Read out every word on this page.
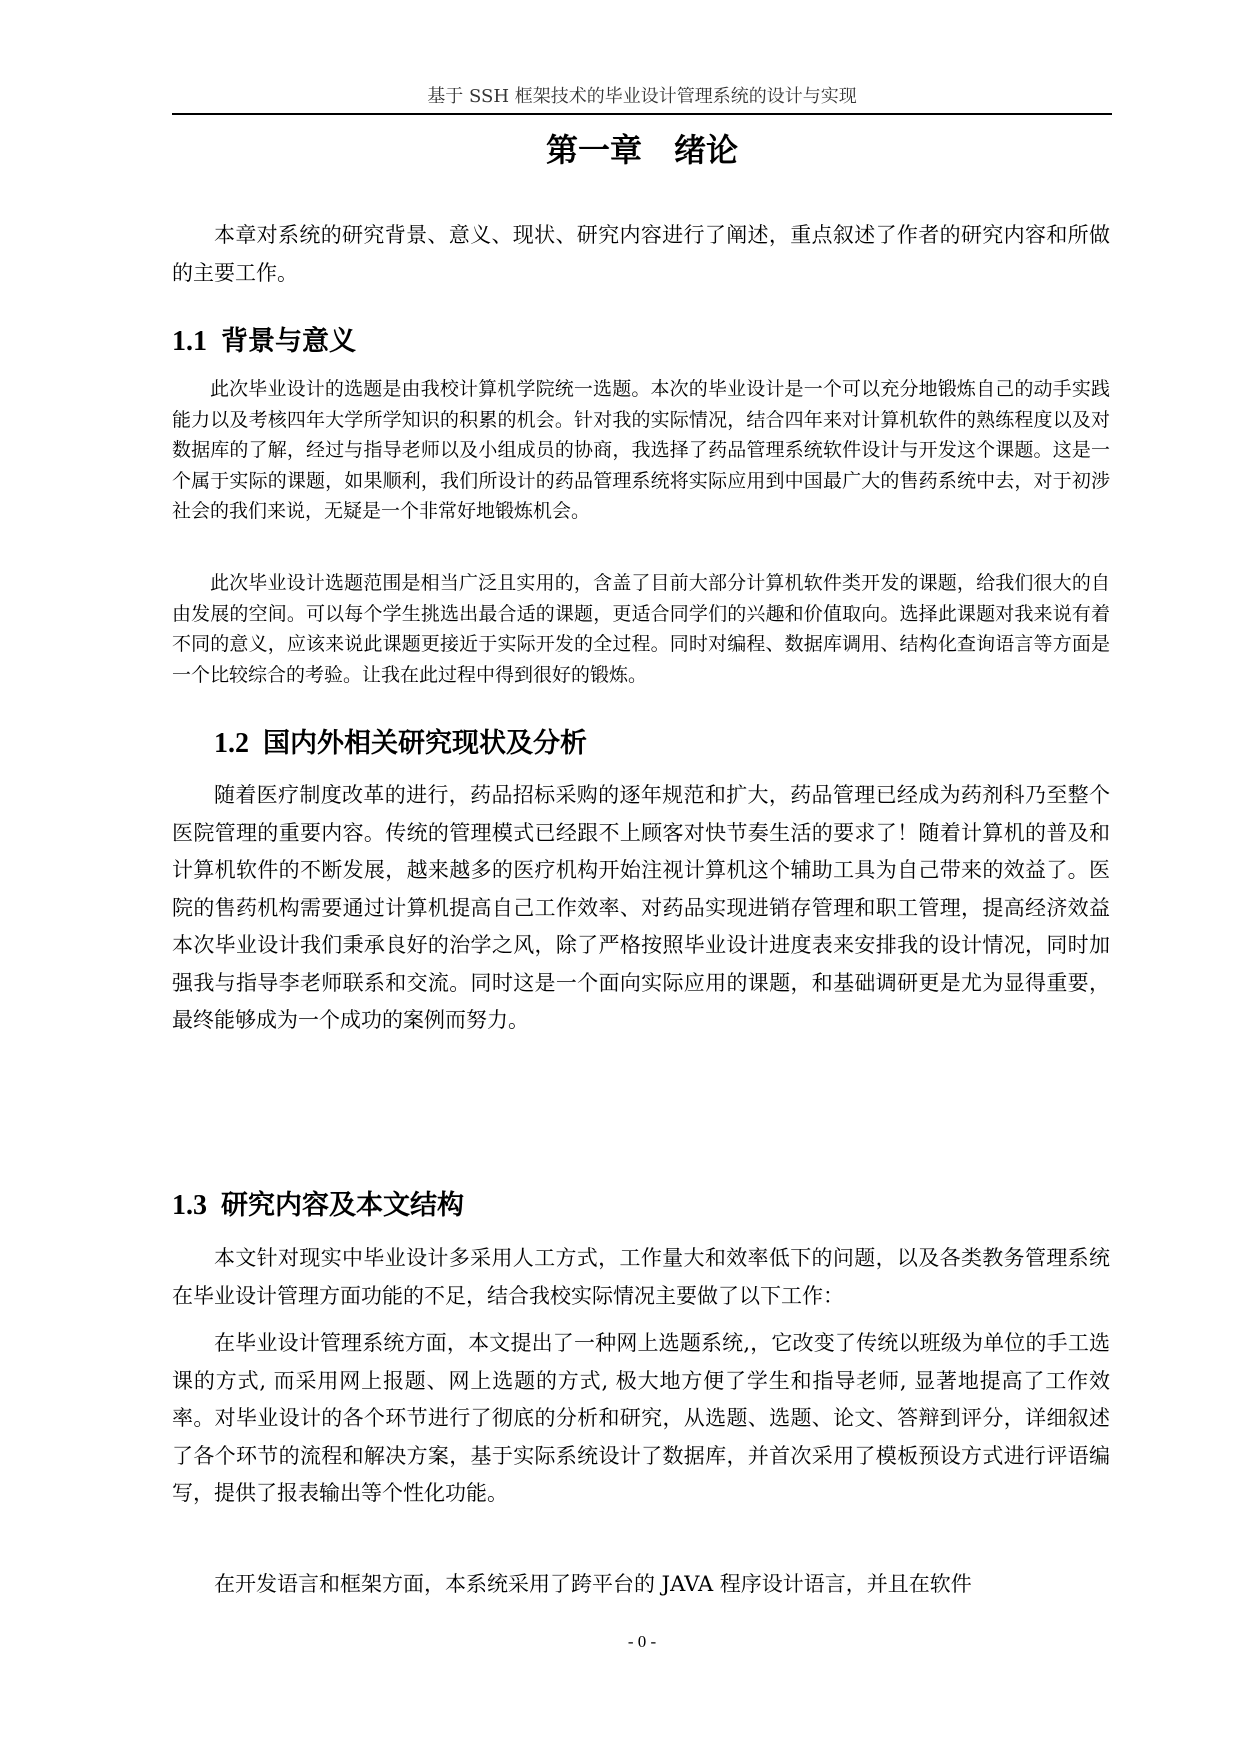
基于 SSH 框架技术的毕业设计管理系统的设计与实现
第一章　绪论

本章对系统的研究背景、意义、现状、研究内容进行了阐述，重点叙述了作者的研究内容和所做的主要工作。

1.1 背景与意义

此次毕业设计的选题是由我校计算机学院统一选题。本次的毕业设计是一个可以充分地锻炼自己的动手实践能力以及考核四年大学所学知识的积累的机会。针对我的实际情况，结合四年来对计算机软件的熟练程度以及对数据库的了解，经过与指导老师以及小组成员的协商，我选择了药品管理系统软件设计与开发这个课题。这是一个属于实际的课题，如果顺利，我们所设计的药品管理系统将实际应用到中国最广大的售药系统中去，对于初涉社会的我们来说，无疑是一个非常好地锻炼机会。

此次毕业设计选题范围是相当广泛且实用的，含盖了目前大部分计算机软件类开发的课题，给我们很大的自由发展的空间。可以每个学生挑选出最合适的课题，更适合同学们的兴趣和价值取向。选择此课题对我来说有着不同的意义，应该来说此课题更接近于实际开发的全过程。同时对编程、数据库调用、结构化查询语言等方面是一个比较综合的考验。让我在此过程中得到很好的锻炼。

1.2 国内外相关研究现状及分析

随着医疗制度改革的进行，药品招标采购的逐年规范和扩大，药品管理已经成为药剂科乃至整个医院管理的重要内容。传统的管理模式已经跟不上顾客对快节奏生活的要求了！随着计算机的普及和计算机软件的不断发展，越来越多的医疗机构开始注视计算机这个辅助工具为自己带来的效益了。医院的售药机构需要通过计算机提高自己工作效率、对药品实现进销存管理和职工管理，提高经济效益　本次毕业设计我们秉承良好的治学之风，除了严格按照毕业设计进度表来安排我的设计情况，同时加强我与指导李老师联系和交流。同时这是一个面向实际应用的课题，和基础调研更是尤为显得重要，最终能够成为一个成功的案例而努力。

1.3 研究内容及本文结构

本文针对现实中毕业设计多采用人工方式，工作量大和效率低下的问题，以及各类教务管理系统在毕业设计管理方面功能的不足，结合我校实际情况主要做了以下工作：

在毕业设计管理系统方面，本文提出了一种网上选题系统,，它改变了传统以班级为单位的手工选课的方式, 而采用网上报题、网上选题的方式, 极大地方便了学生和指导老师, 显著地提高了工作效率。对毕业设计的各个环节进行了彻底的分析和研究，从选题、选题、论文、答辩到评分，详细叙述了各个环节的流程和解决方案，基于实际系统设计了数据库，并首次采用了模板预设方式进行评语编写，提供了报表输出等个性化功能。

在开发语言和框架方面，本系统采用了跨平台的 JAVA 程序设计语言，并且在软件

- 0 -
